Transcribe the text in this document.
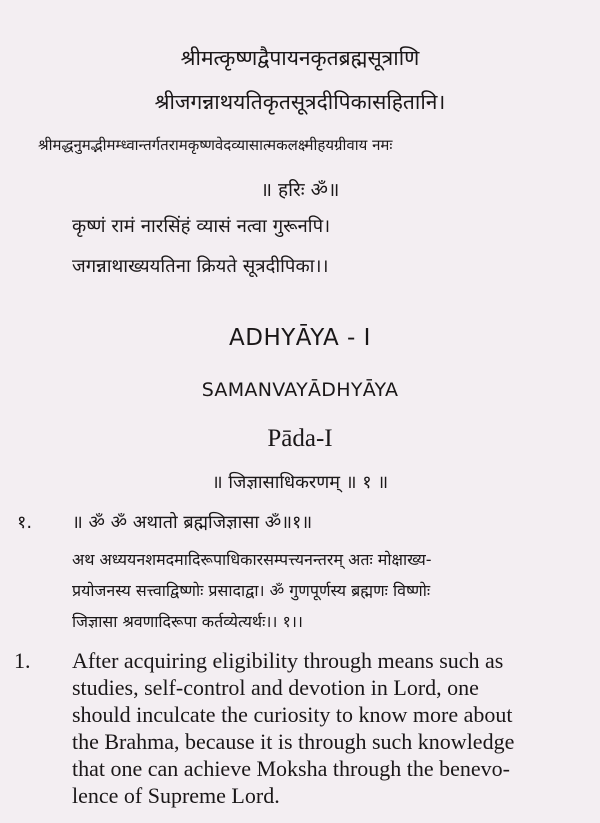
श्रीमत्कृष्णद्वैपायनकृतब्रह्मसूत्राणि
श्रीजगन्नाथयतिकृतसूत्रदीपिकासहितानि।
श्रीमद्धनुमद्भीमम्ध्वान्तर्गतरामकृष्णवेदव्यासात्मकलक्ष्मीहयग्रीवाय नमः
॥ हरिः ॐ॥
कृष्णं रामं नारसिंहं व्यासं नत्वा गुरूनपि।
जगन्नाथाख्ययतिना क्रियते सूत्रदीपिका।।
ADHYĀYA - I
SAMANVAYĀDHYĀYA
Pāda-I
॥ जिज्ञासाधिकरणम् ॥ १ ॥
१. ॥ ॐ ॐ अथातो ब्रह्मजिज्ञासा ॐ॥१॥
अथ अध्ययनशमदमादिरूपाधिकारसम्पत्त्यनन्तरम् अतः मोक्षाख्य-
प्रयोजनस्य सत्त्वाद्विष्णोः प्रसादाद्वा। ॐ गुणपूर्णस्य ब्रह्मणः विष्णोः
जिज्ञासा श्रवणादिरूपा कर्तव्येत्यर्थः।। १।।
1. After acquiring eligibility through means such as
studies, self-control and devotion in Lord, one
should inculcate the curiosity to know more about
the Brahma, because it is through such knowledge
that one can achieve Moksha through the benevo-
lence of Supreme Lord.
